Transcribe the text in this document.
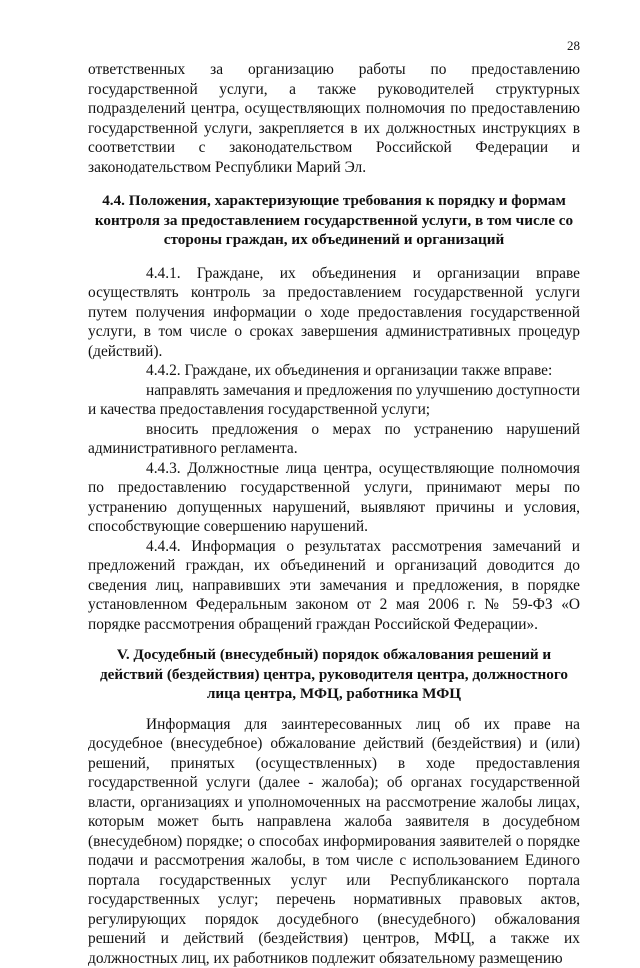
28

ответственных за организацию работы по предоставлению государственной услуги, а также руководителей структурных подразделений центра, осуществляющих полномочия по предоставлению государственной услуги, закрепляется в их должностных инструкциях в соответствии с законодательством Российской Федерации и законодательством Республики Марий Эл.

4.4. Положения, характеризующие требования к порядку и формам контроля за предоставлением государственной услуги, в том числе со стороны граждан, их объединений и организаций

4.4.1. Граждане, их объединения и организации вправе осуществлять контроль за предоставлением государственной услуги путем получения информации о ходе предоставления государственной услуги, в том числе о сроках завершения административных процедур (действий).

4.4.2. Граждане, их объединения и организации также вправе:

направлять замечания и предложения по улучшению доступности и качества предоставления государственной услуги;

вносить предложения о мерах по устранению нарушений административного регламента.

4.4.3. Должностные лица центра, осуществляющие полномочия по предоставлению государственной услуги, принимают меры по устранению допущенных нарушений, выявляют причины и условия, способствующие совершению нарушений.

4.4.4. Информация о результатах рассмотрения замечаний и предложений граждан, их объединений и организаций доводится до сведения лиц, направивших эти замечания и предложения, в порядке установленном Федеральным законом от 2 мая 2006 г. № 59-ФЗ «О порядке рассмотрения обращений граждан Российской Федерации».

V. Досудебный (внесудебный) порядок обжалования решений и действий (бездействия) центра, руководителя центра, должностного лица центра, МФЦ, работника МФЦ

Информация для заинтересованных лиц об их праве на досудебное (внесудебное) обжалование действий (бездействия) и (или) решений, принятых (осуществленных) в ходе предоставления государственной услуги (далее - жалоба); об органах государственной власти, организациях и уполномоченных на рассмотрение жалобы лицах, которым может быть направлена жалоба заявителя в досудебном (внесудебном) порядке; о способах информирования заявителей о порядке подачи и рассмотрения жалобы, в том числе с использованием Единого портала государственных услуг или Республиканского портала государственных услуг; перечень нормативных правовых актов, регулирующих порядок досудебного (внесудебного) обжалования решений и действий (бездействия) центров, МФЦ, а также их должностных лиц, их работников подлежит обязательному размещению
